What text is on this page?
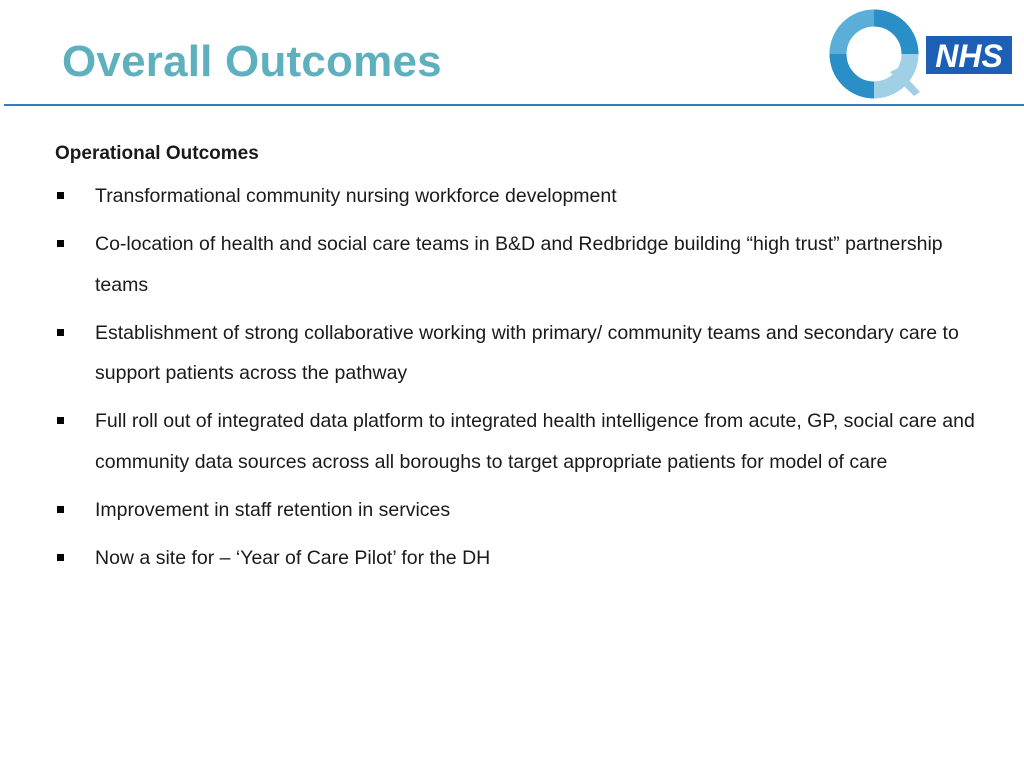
Overall Outcomes	NHS
Operational Outcomes
Transformational community nursing workforce development
Co-location of health and social care teams in B&D and Redbridge building “high trust” partnership teams
Establishment of strong collaborative working with primary/ community teams and secondary care to support patients across the pathway
Full roll out of integrated data platform to integrated health intelligence from acute, GP, social care and community data sources across all boroughs to target appropriate patients for model of care
Improvement in staff retention in services
Now a site for – ‘Year of Care Pilot’ for the DH
